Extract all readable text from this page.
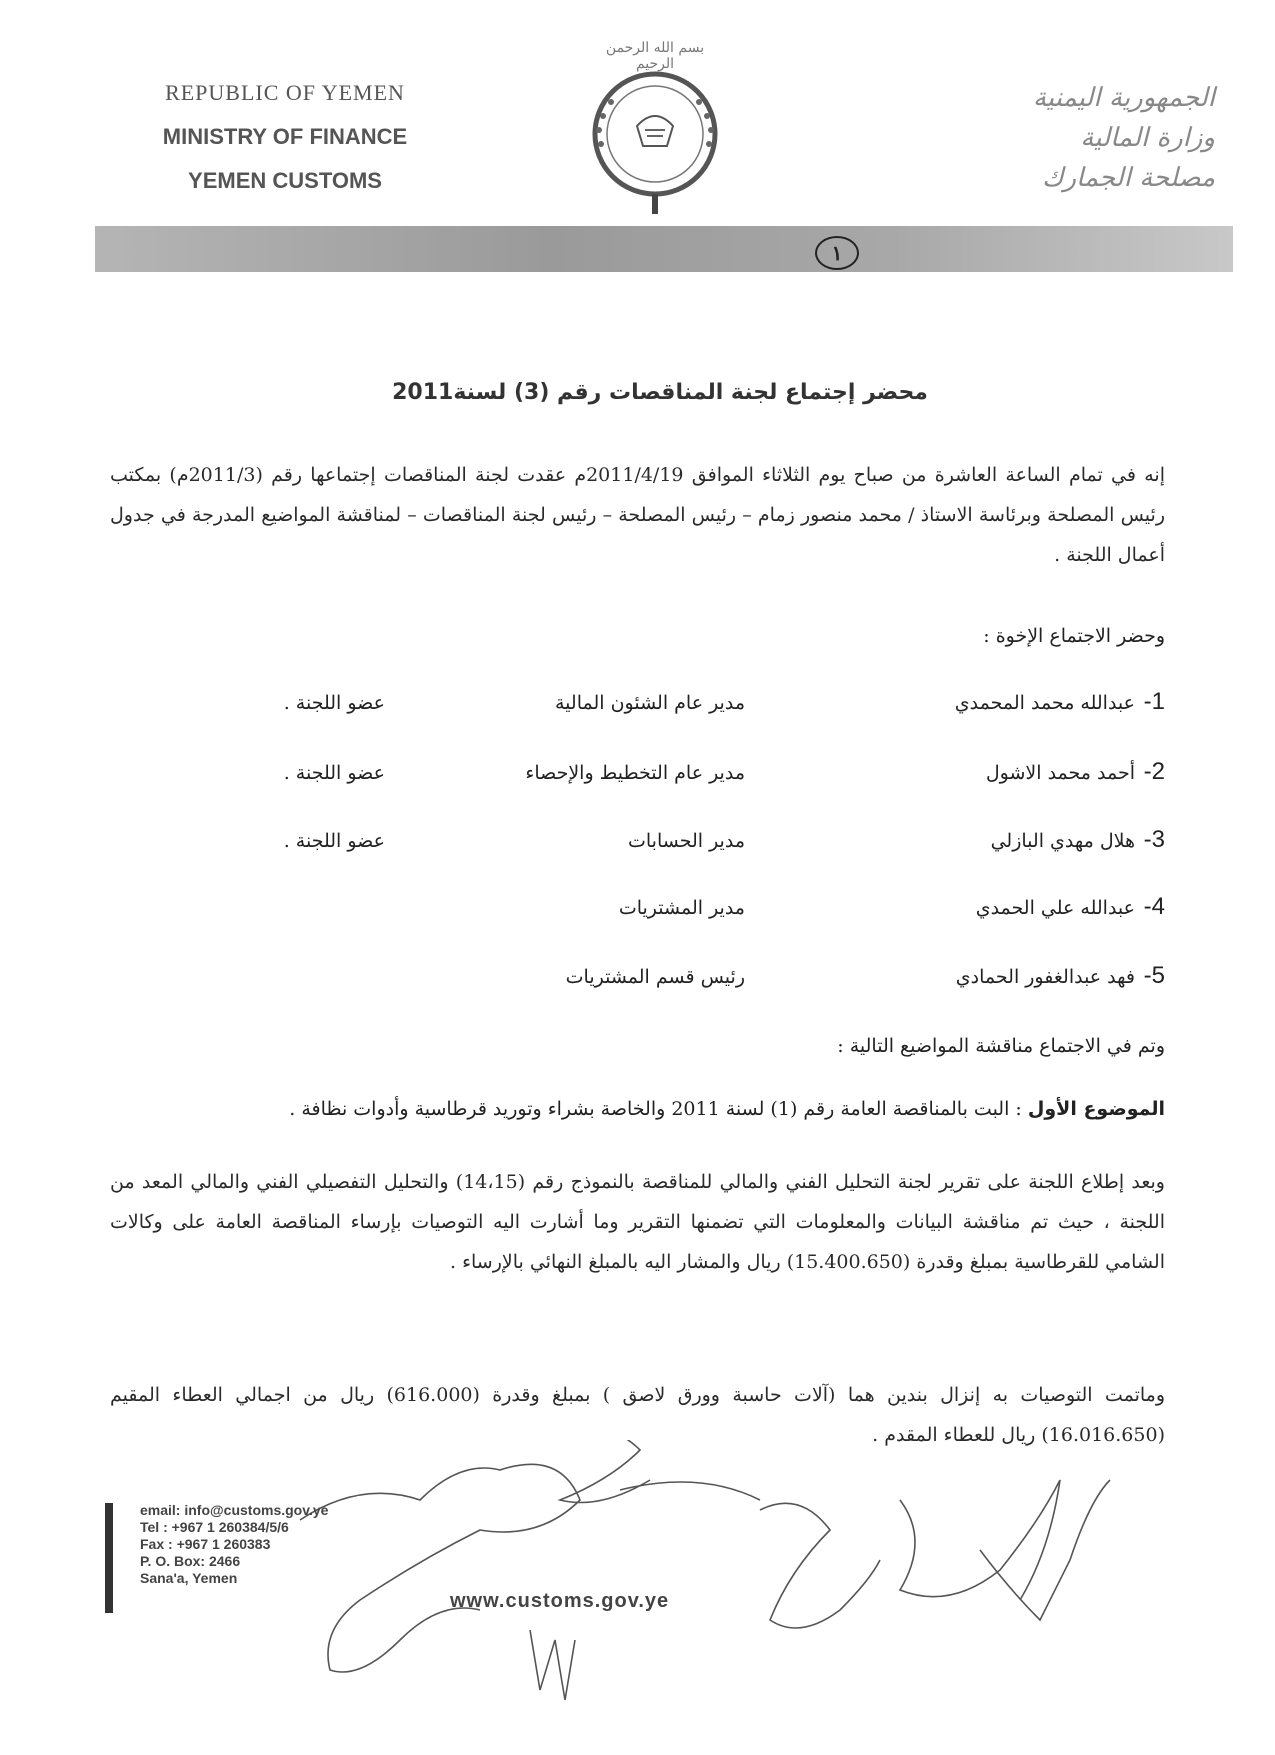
REPUBLIC OF YEMEN
MINISTRY OF FINANCE
YEMEN CUSTOMS
الجمهورية اليمنية
وزارة المالية
مصلحة الجمارك
بسم الله الرحمن الرحيم
١
محضر إجتماع لجنة المناقصات رقم (3) لسنة2011
إنه في تمام الساعة العاشرة من صباح يوم الثلاثاء الموافق 2011/4/19م عقدت لجنة المناقصات إجتماعها رقم (2011/3م) بمكتب رئيس المصلحة وبرئاسة الاستاذ / محمد منصور زمام – رئيس المصلحة – رئيس لجنة المناقصات – لمناقشة المواضيع المدرجة في جدول أعمال اللجنة .
وحضر الاجتماع الإخوة :
1-
عبدالله محمد المحمدي
مدير عام الشئون المالية
عضو اللجنة .
2-
أحمد محمد الاشول
مدير عام التخطيط والإحصاء
عضو اللجنة .
3-
هلال مهدي البازلي
مدير الحسابات
عضو اللجنة .
4-
عبدالله علي الحمدي
مدير المشتريات
5-
فهد عبدالغفور الحمادي
رئيس قسم المشتريات
وتم في الاجتماع مناقشة المواضيع التالية :
الموضوع الأول : البت بالمناقصة العامة رقم (1) لسنة 2011 والخاصة بشراء وتوريد قرطاسية وأدوات نظافة .
وبعد إطلاع اللجنة على تقرير لجنة التحليل الفني والمالي للمناقصة بالنموذج رقم (14،15) والتحليل التفصيلي الفني والمالي المعد من اللجنة ، حيث تم مناقشة البيانات والمعلومات التي تضمنها التقرير وما أشارت اليه التوصيات بإرساء المناقصة العامة على وكالات الشامي للقرطاسية بمبلغ وقدرة (15.400.650) ريال والمشار اليه بالمبلغ النهائي بالإرساء .
وماتمت التوصيات به إنزال بندين هما (آلات حاسبة وورق لاصق ) بمبلغ وقدرة (616.000) ريال من اجمالي العطاء المقيم (16.016.650) ريال للعطاء المقدم .
email: info@customs.gov.ye
Tel : +967 1 260384/5/6
Fax : +967 1 260383
P. O. Box: 2466
Sana'a, Yemen
www.customs.gov.ye
